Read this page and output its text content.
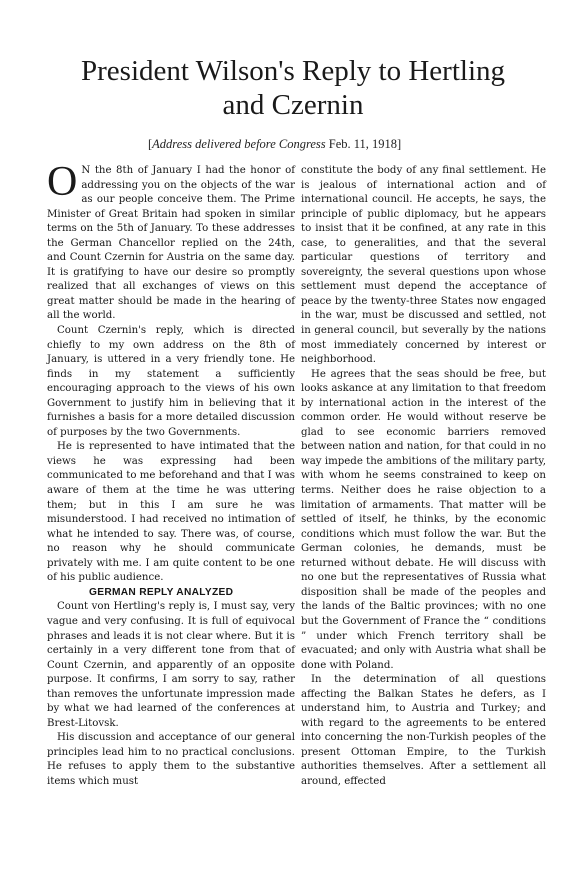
President Wilson's Reply to Hertling
and Czernin

[Address delivered before Congress Feb. 11, 1918]

O N the 8th of January I had the honor of addressing you on the objects of the war as our people conceive them. The Prime Minister of Great Britain had spoken in similar terms on the 5th of January. To these addresses the German Chancellor replied on the 24th, and Count Czernin for Austria on the same day. It is gratifying to have our desire so promptly realized that all exchanges of views on this great matter should be made in the hearing of all the world.

Count Czernin's reply, which is directed chiefly to my own address on the 8th of January, is uttered in a very friendly tone. He finds in my statement a sufficiently encouraging approach to the views of his own Government to justify him in believing that it furnishes a basis for a more detailed discussion of purposes by the two Governments.

He is represented to have intimated that the views he was expressing had been communicated to me beforehand and that I was aware of them at the time he was uttering them; but in this I am sure he was misunderstood. I had received no intimation of what he intended to say. There was, of course, no reason why he should communicate privately with me. I am quite content to be one of his public audience.

GERMAN REPLY ANALYZED

Count von Hertling's reply is, I must say, very vague and very confusing. It is full of equivocal phrases and leads it is not clear where. But it is certainly in a very different tone from that of Count Czernin, and apparently of an opposite purpose. It confirms, I am sorry to say, rather than removes the unfortunate impression made by what we had learned of the conferences at Brest-Litovsk.

His discussion and acceptance of our general principles lead him to no practical conclusions. He refuses to apply them to the substantive items which must

constitute the body of any final settlement. He is jealous of international action and of international council. He accepts, he says, the principle of public diplomacy, but he appears to insist that it be confined, at any rate in this case, to generalities, and that the several particular questions of territory and sovereignty, the several questions upon whose settlement must depend the acceptance of peace by the twenty-three States now engaged in the war, must be discussed and settled, not in general council, but severally by the nations most immediately concerned by interest or neighborhood.

He agrees that the seas should be free, but looks askance at any limitation to that freedom by international action in the interest of the common order. He would without reserve be glad to see economic barriers removed between nation and nation, for that could in no way impede the ambitions of the military party, with whom he seems constrained to keep on terms. Neither does he raise objection to a limitation of armaments. That matter will be settled of itself, he thinks, by the economic conditions which must follow the war. But the German colonies, he demands, must be returned without debate. He will discuss with no one but the representatives of Russia what disposition shall be made of the peoples and the lands of the Baltic provinces; with no one but the Government of France the “ conditions ” under which French territory shall be evacuated; and only with Austria what shall be done with Poland.

In the determination of all questions affecting the Balkan States he defers, as I understand him, to Austria and Turkey; and with regard to the agreements to be entered into concerning the non-Turkish peoples of the present Ottoman Empire, to the Turkish authorities themselves. After a settlement all around, effected
